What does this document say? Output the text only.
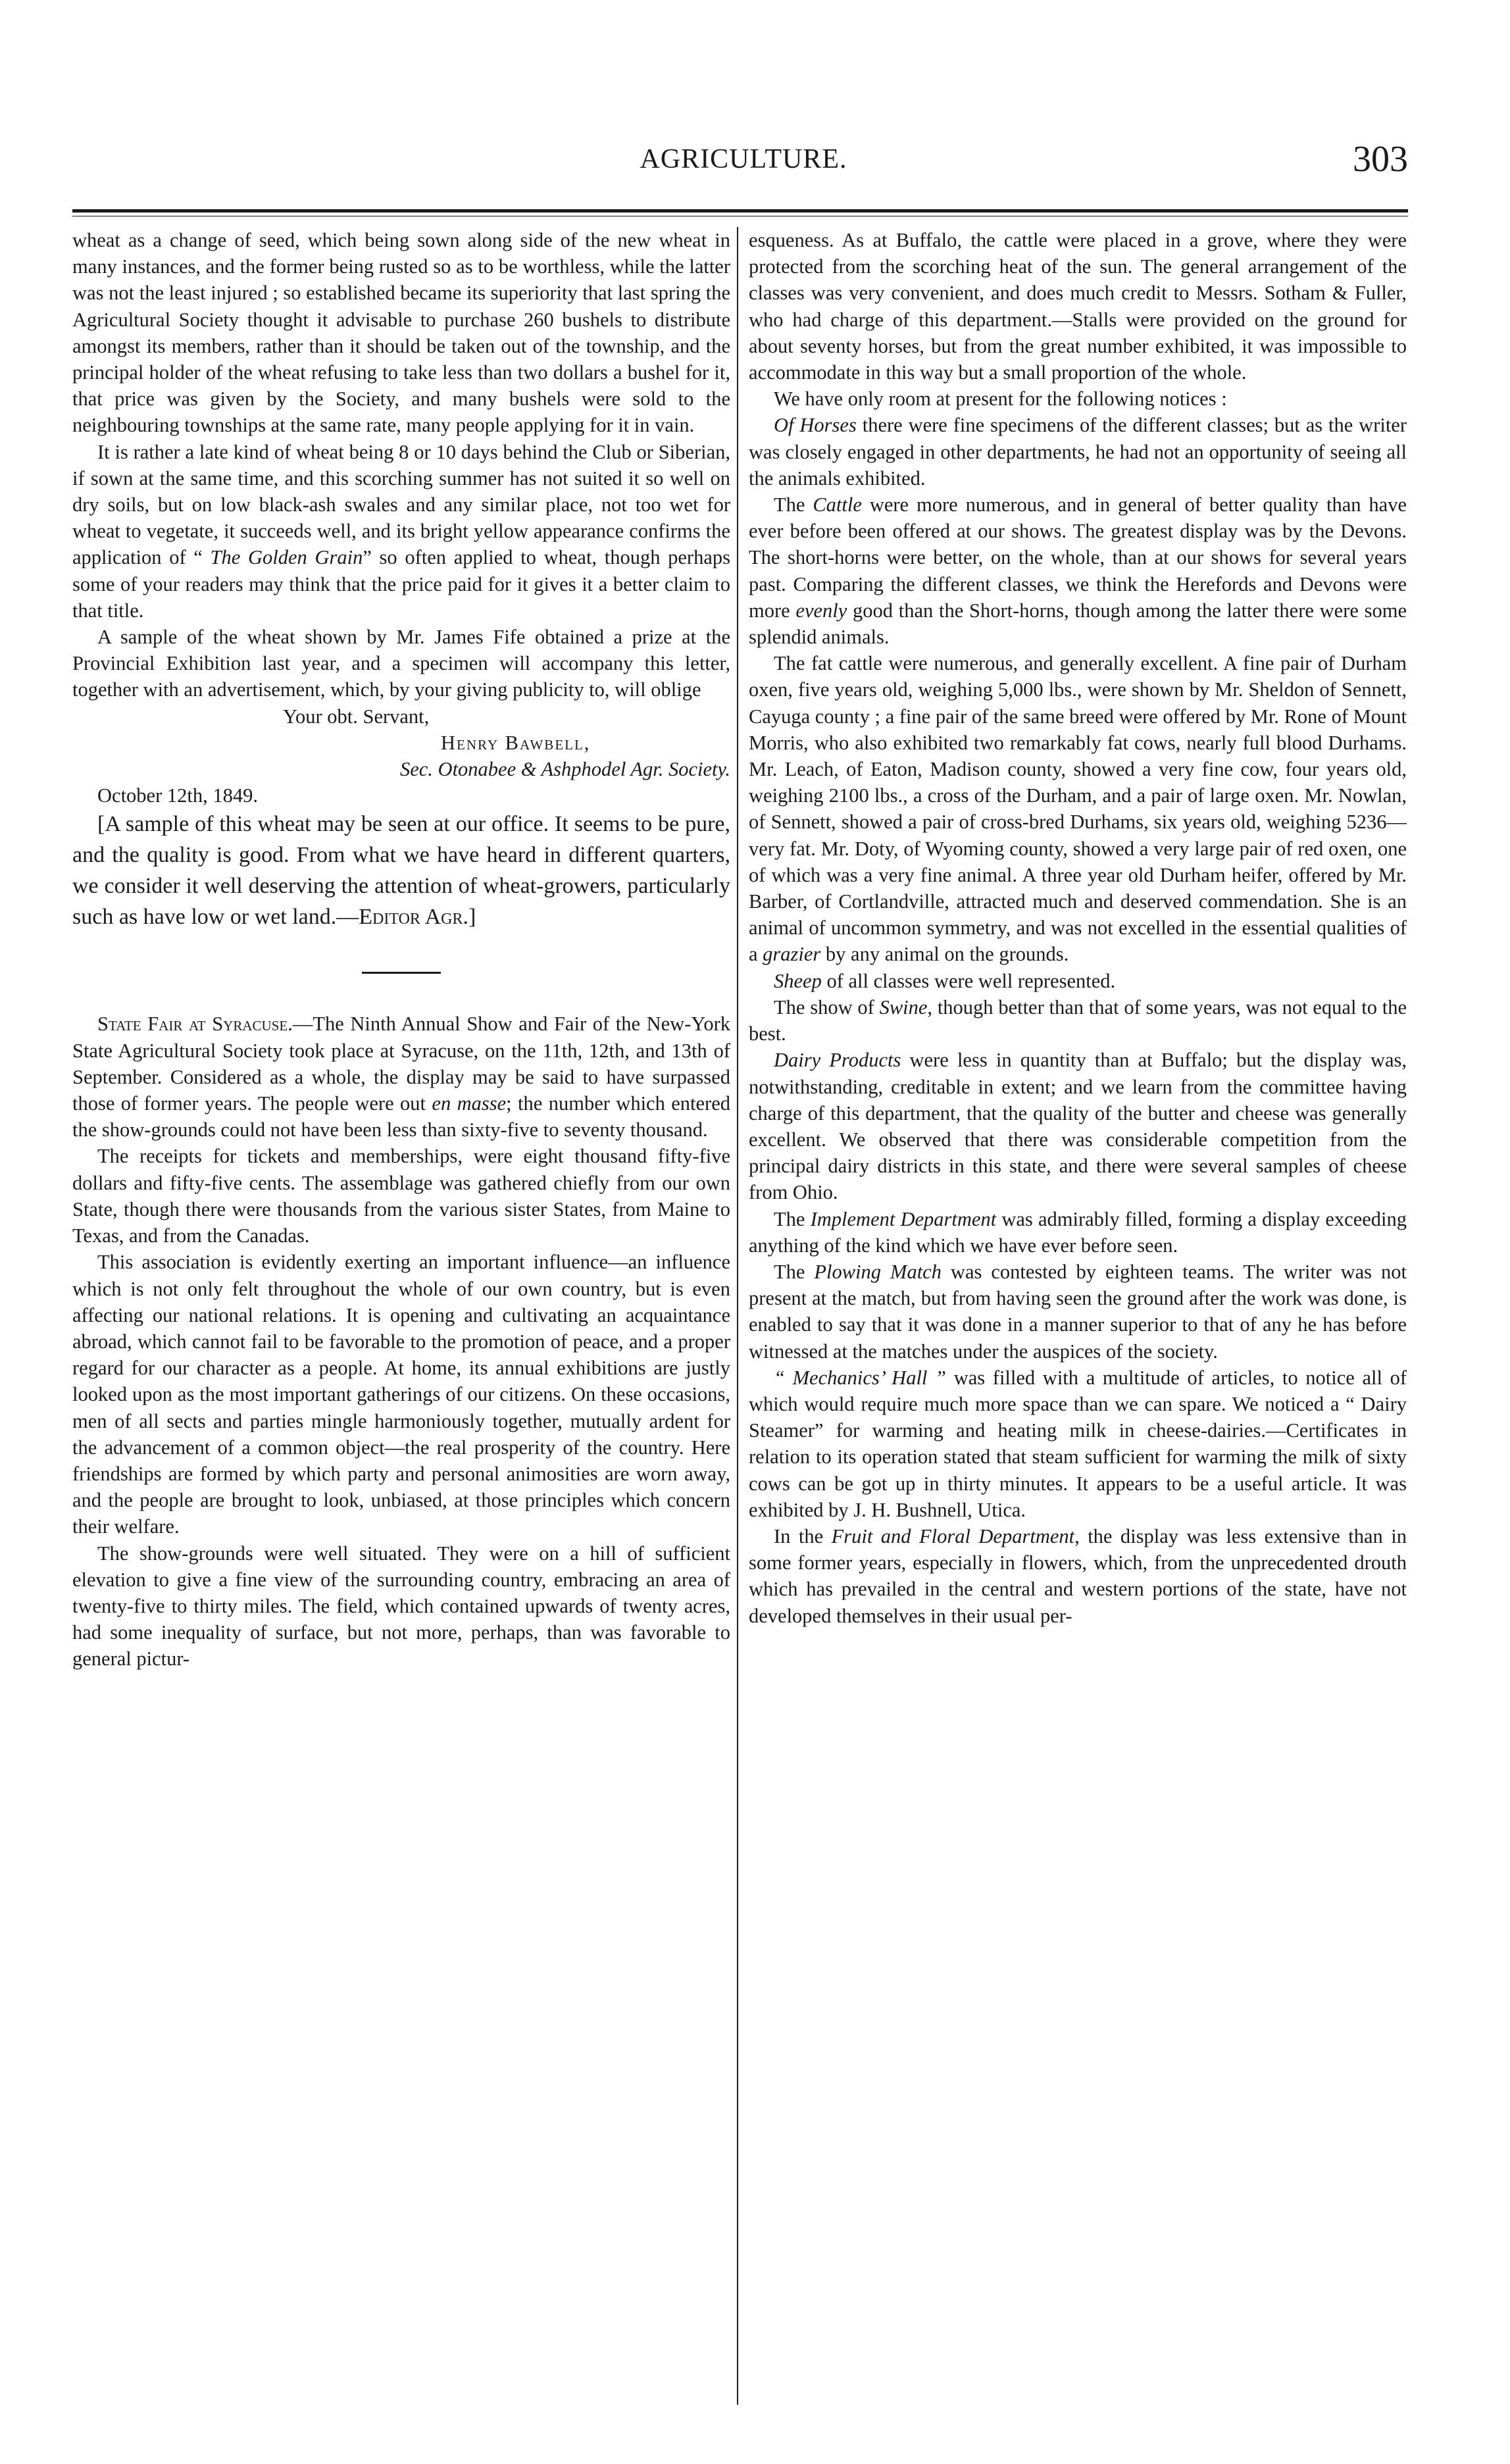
AGRICULTURE.	303

wheat as a change of seed, which being sown along side of the new wheat in many instances, and the former being rusted so as to be worthless, while the latter was not the least injured ; so established became its superiority that last spring the Agricultural Society thought it advisable to purchase 260 bushels to distribute amongst its members, rather than it should be taken out of the township, and the principal holder of the wheat refusing to take less than two dollars a bushel for it, that price was given by the Society, and many bushels were sold to the neighbouring townships at the same rate, many people applying for it in vain.

It is rather a late kind of wheat being 8 or 10 days behind the Club or Siberian, if sown at the same time, and this scorching summer has not suited it so well on dry soils, but on low black-ash swales and any similar place, not too wet for wheat to vegetate, it succeeds well, and its bright yellow appearance confirms the application of “ The Golden Grain” so often applied to wheat, though perhaps some of your readers may think that the price paid for it gives it a better claim to that title.

A sample of the wheat shown by Mr. James Fife obtained a prize at the Provincial Exhibition last year, and a specimen will accompany this letter, together with an advertisement, which, by your giving publicity to, will oblige

Your obt. Servant,
Henry Bawbell,
Sec. Otonabee & Ashphodel Agr. Society.
October 12th, 1849.

[A sample of this wheat may be seen at our office. It seems to be pure, and the quality is good. From what we have heard in different quarters, we consider it well deserving the attention of wheat-growers, particularly such as have low or wet land.—Editor Agr.]

State Fair at Syracuse.—The Ninth Annual Show and Fair of the New-York State Agricultural Society took place at Syracuse, on the 11th, 12th, and 13th of September. Considered as a whole, the display may be said to have surpassed those of former years. The people were out en masse; the number which entered the show-grounds could not have been less than sixty-five to seventy thousand.

The receipts for tickets and memberships, were eight thousand fifty-five dollars and fifty-five cents. The assemblage was gathered chiefly from our own State, though there were thousands from the various sister States, from Maine to Texas, and from the Canadas.

This association is evidently exerting an important influence—an influence which is not only felt throughout the whole of our own country, but is even affecting our national relations. It is opening and cultivating an acquaintance abroad, which cannot fail to be favorable to the promotion of peace, and a proper regard for our character as a people. At home, its annual exhibitions are justly looked upon as the most important gatherings of our citizens. On these occasions, men of all sects and parties mingle harmoniously together, mutually ardent for the advancement of a common object—the real prosperity of the country. Here friendships are formed by which party and personal animosities are worn away, and the people are brought to look, unbiased, at those principles which concern their welfare.

The show-grounds were well situated. They were on a hill of sufficient elevation to give a fine view of the surrounding country, embracing an area of twenty-five to thirty miles. The field, which contained upwards of twenty acres, had some inequality of surface, but not more, perhaps, than was favorable to general pictur-

esqueness. As at Buffalo, the cattle were placed in a grove, where they were protected from the scorching heat of the sun. The general arrangement of the classes was very convenient, and does much credit to Messrs. Sotham & Fuller, who had charge of this department.—Stalls were provided on the ground for about seventy horses, but from the great number exhibited, it was impossible to accommodate in this way but a small proportion of the whole.

We have only room at present for the following notices :

Of Horses there were fine specimens of the different classes; but as the writer was closely engaged in other departments, he had not an opportunity of seeing all the animals exhibited.

The Cattle were more numerous, and in general of better quality than have ever before been offered at our shows. The greatest display was by the Devons. The short-horns were better, on the whole, than at our shows for several years past. Comparing the different classes, we think the Herefords and Devons were more evenly good than the Short-horns, though among the latter there were some splendid animals.

The fat cattle were numerous, and generally excellent. A fine pair of Durham oxen, five years old, weighing 5,000 lbs., were shown by Mr. Sheldon of Sennett, Cayuga county ; a fine pair of the same breed were offered by Mr. Rone of Mount Morris, who also exhibited two remarkably fat cows, nearly full blood Durhams. Mr. Leach, of Eaton, Madison county, showed a very fine cow, four years old, weighing 2100 lbs., a cross of the Durham, and a pair of large oxen. Mr. Nowlan, of Sennett, showed a pair of cross-bred Durhams, six years old, weighing 5236—very fat. Mr. Doty, of Wyoming county, showed a very large pair of red oxen, one of which was a very fine animal. A three year old Durham heifer, offered by Mr. Barber, of Cortlandville, attracted much and deserved commendation. She is an animal of uncommon symmetry, and was not excelled in the essential qualities of a grazier by any animal on the grounds.

Sheep of all classes were well represented.

The show of Swine, though better than that of some years, was not equal to the best.

Dairy Products were less in quantity than at Buffalo; but the display was, notwithstanding, creditable in extent; and we learn from the committee having charge of this department, that the quality of the butter and cheese was generally excellent. We observed that there was considerable competition from the principal dairy districts in this state, and there were several samples of cheese from Ohio.

The Implement Department was admirably filled, forming a display exceeding anything of the kind which we have ever before seen.

The Plowing Match was contested by eighteen teams. The writer was not present at the match, but from having seen the ground after the work was done, is enabled to say that it was done in a manner superior to that of any he has before witnessed at the matches under the auspices of the society.

“ Mechanics’ Hall ” was filled with a multitude of articles, to notice all of which would require much more space than we can spare. We noticed a “ Dairy Steamer” for warming and heating milk in cheese-dairies.—Certificates in relation to its operation stated that steam sufficient for warming the milk of sixty cows can be got up in thirty minutes. It appears to be a useful article. It was exhibited by J. H. Bushnell, Utica.

In the Fruit and Floral Department, the display was less extensive than in some former years, especially in flowers, which, from the unprecedented drouth which has prevailed in the central and western portions of the state, have not developed themselves in their usual per-
